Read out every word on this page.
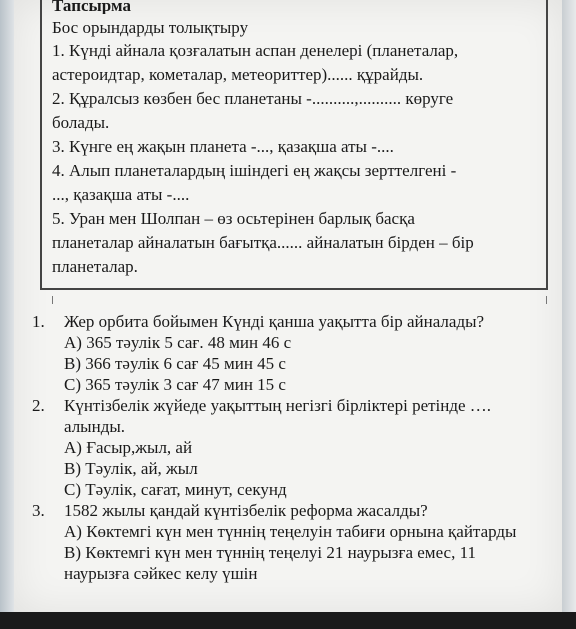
Тапсырма

Бос орындарды толықтыру

1. Күнді айнала қозғалатын аспан денелері (планеталар,

астероидтар, кометалар, метеориттер)...... құрайды.

2. Құралсыз көзбен бес планетаны -..........,.......... көруге

болады.

3. Күнге ең жақын планета -..., қазақша аты -....

4. Алып планеталардың ішіндегі ең жақсы зерттелгені -

..., қазақша аты -....

5. Уран мен Шолпан – өз осьтерінен барлық басқа

планеталар айналатын бағытқа...... айналатын бірден – бір

планеталар.

1. Жер орбита бойымен Күнді қанша уақытта бір айналады?

A) 365 тәулік 5 сағ. 48 мин 46 с

B) 366 тәулік 6 сағ 45 мин 45 с

C) 365 тәулік 3 сағ 47 мин 15 с

2. Күнтізбелік жүйеде уақыттың негізгі бірліктері ретінде ….

алынды.

A) Ғасыр,жыл, ай

B) Тәулік, ай, жыл

C) Тәулік, сағат, минут, секунд

3. 1582 жылы қандай күнтізбелік реформа жасалды?

A) Көктемгі күн мен түннің теңелуін табиғи орнына қайтарды

B) Көктемгі күн мен түннің теңелуі 21 наурызға емес, 11

наурызға сәйкес келу үшін
